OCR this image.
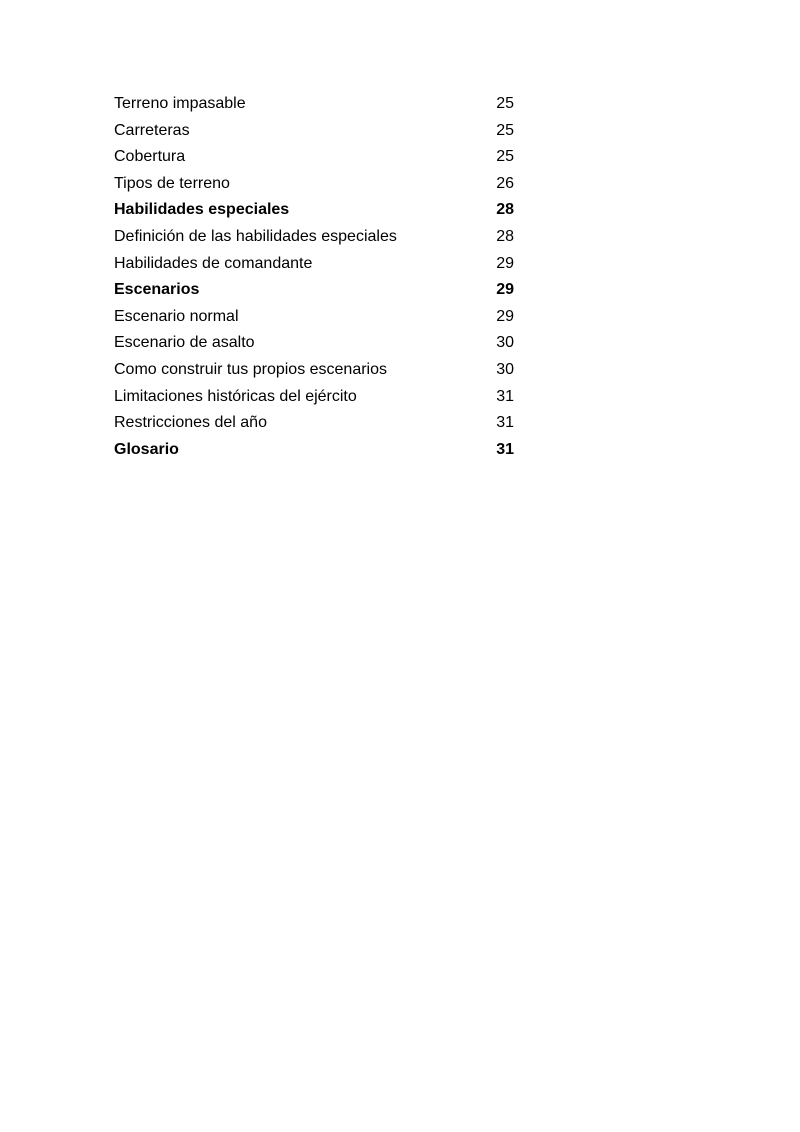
Terreno impasable	25
Carreteras	25
Cobertura	25
Tipos de terreno	26
Habilidades especiales	28
Definición de las habilidades especiales	28
Habilidades de comandante	29
Escenarios	29
Escenario normal	29
Escenario de asalto	30
Como construir tus propios escenarios	30
Limitaciones históricas del ejército	31
Restricciones del año	31
Glosario	31
